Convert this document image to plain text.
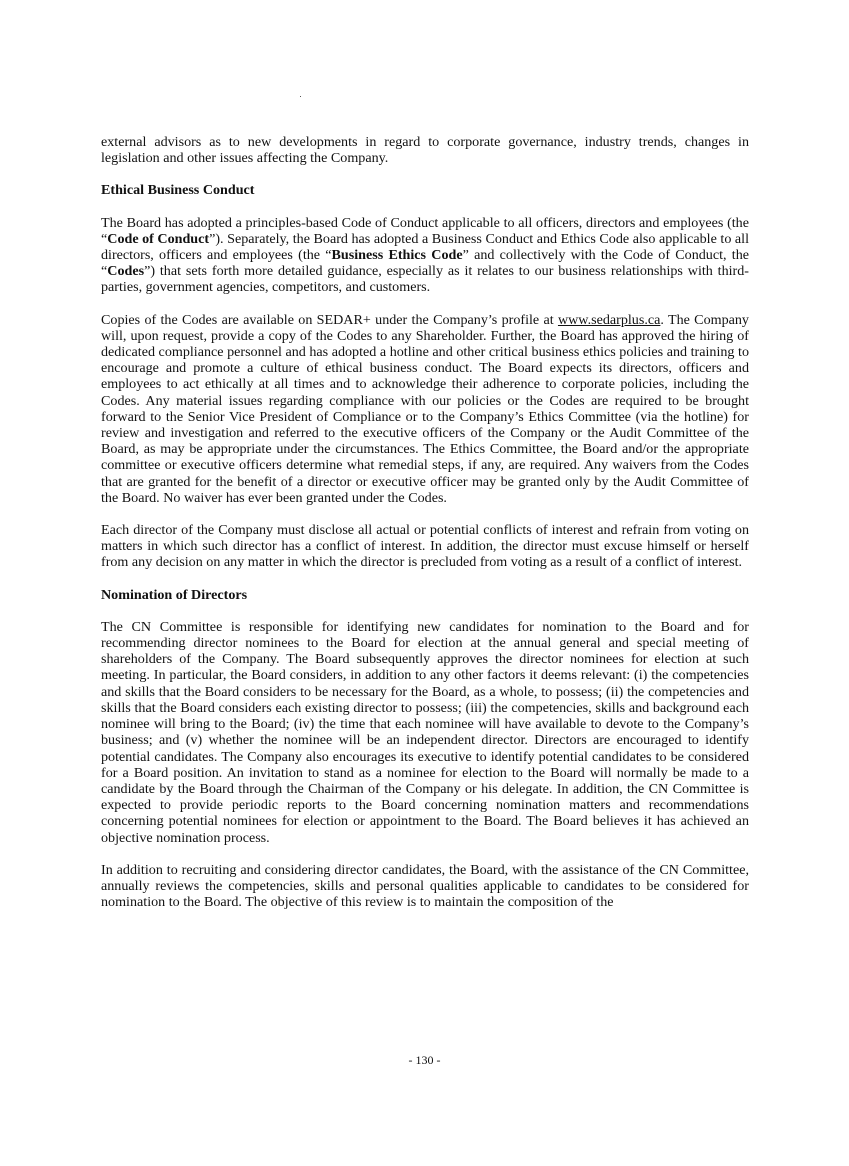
external advisors as to new developments in regard to corporate governance, industry trends, changes in legislation and other issues affecting the Company.

Ethical Business Conduct

The Board has adopted a principles-based Code of Conduct applicable to all officers, directors and employees (the “Code of Conduct”). Separately, the Board has adopted a Business Conduct and Ethics Code also applicable to all directors, officers and employees (the “Business Ethics Code” and collectively with the Code of Conduct, the “Codes”) that sets forth more detailed guidance, especially as it relates to our business relationships with third-parties, government agencies, competitors, and customers.

Copies of the Codes are available on SEDAR+ under the Company’s profile at www.sedarplus.ca. The Company will, upon request, provide a copy of the Codes to any Shareholder. Further, the Board has approved the hiring of dedicated compliance personnel and has adopted a hotline and other critical business ethics policies and training to encourage and promote a culture of ethical business conduct. The Board expects its directors, officers and employees to act ethically at all times and to acknowledge their adherence to corporate policies, including the Codes. Any material issues regarding compliance with our policies or the Codes are required to be brought forward to the Senior Vice President of Compliance or to the Company’s Ethics Committee (via the hotline) for review and investigation and referred to the executive officers of the Company or the Audit Committee of the Board, as may be appropriate under the circumstances. The Ethics Committee, the Board and/or the appropriate committee or executive officers determine what remedial steps, if any, are required. Any waivers from the Codes that are granted for the benefit of a director or executive officer may be granted only by the Audit Committee of the Board. No waiver has ever been granted under the Codes.

Each director of the Company must disclose all actual or potential conflicts of interest and refrain from voting on matters in which such director has a conflict of interest. In addition, the director must excuse himself or herself from any decision on any matter in which the director is precluded from voting as a result of a conflict of interest.

Nomination of Directors

The CN Committee is responsible for identifying new candidates for nomination to the Board and for recommending director nominees to the Board for election at the annual general and special meeting of shareholders of the Company. The Board subsequently approves the director nominees for election at such meeting. In particular, the Board considers, in addition to any other factors it deems relevant: (i) the competencies and skills that the Board considers to be necessary for the Board, as a whole, to possess; (ii) the competencies and skills that the Board considers each existing director to possess; (iii) the competencies, skills and background each nominee will bring to the Board; (iv) the time that each nominee will have available to devote to the Company’s business; and (v) whether the nominee will be an independent director. Directors are encouraged to identify potential candidates. The Company also encourages its executive to identify potential candidates to be considered for a Board position. An invitation to stand as a nominee for election to the Board will normally be made to a candidate by the Board through the Chairman of the Company or his delegate. In addition, the CN Committee is expected to provide periodic reports to the Board concerning nomination matters and recommendations concerning potential nominees for election or appointment to the Board. The Board believes it has achieved an objective nomination process.

In addition to recruiting and considering director candidates, the Board, with the assistance of the CN Committee, annually reviews the competencies, skills and personal qualities applicable to candidates to be considered for nomination to the Board. The objective of this review is to maintain the composition of the

- 130 -
